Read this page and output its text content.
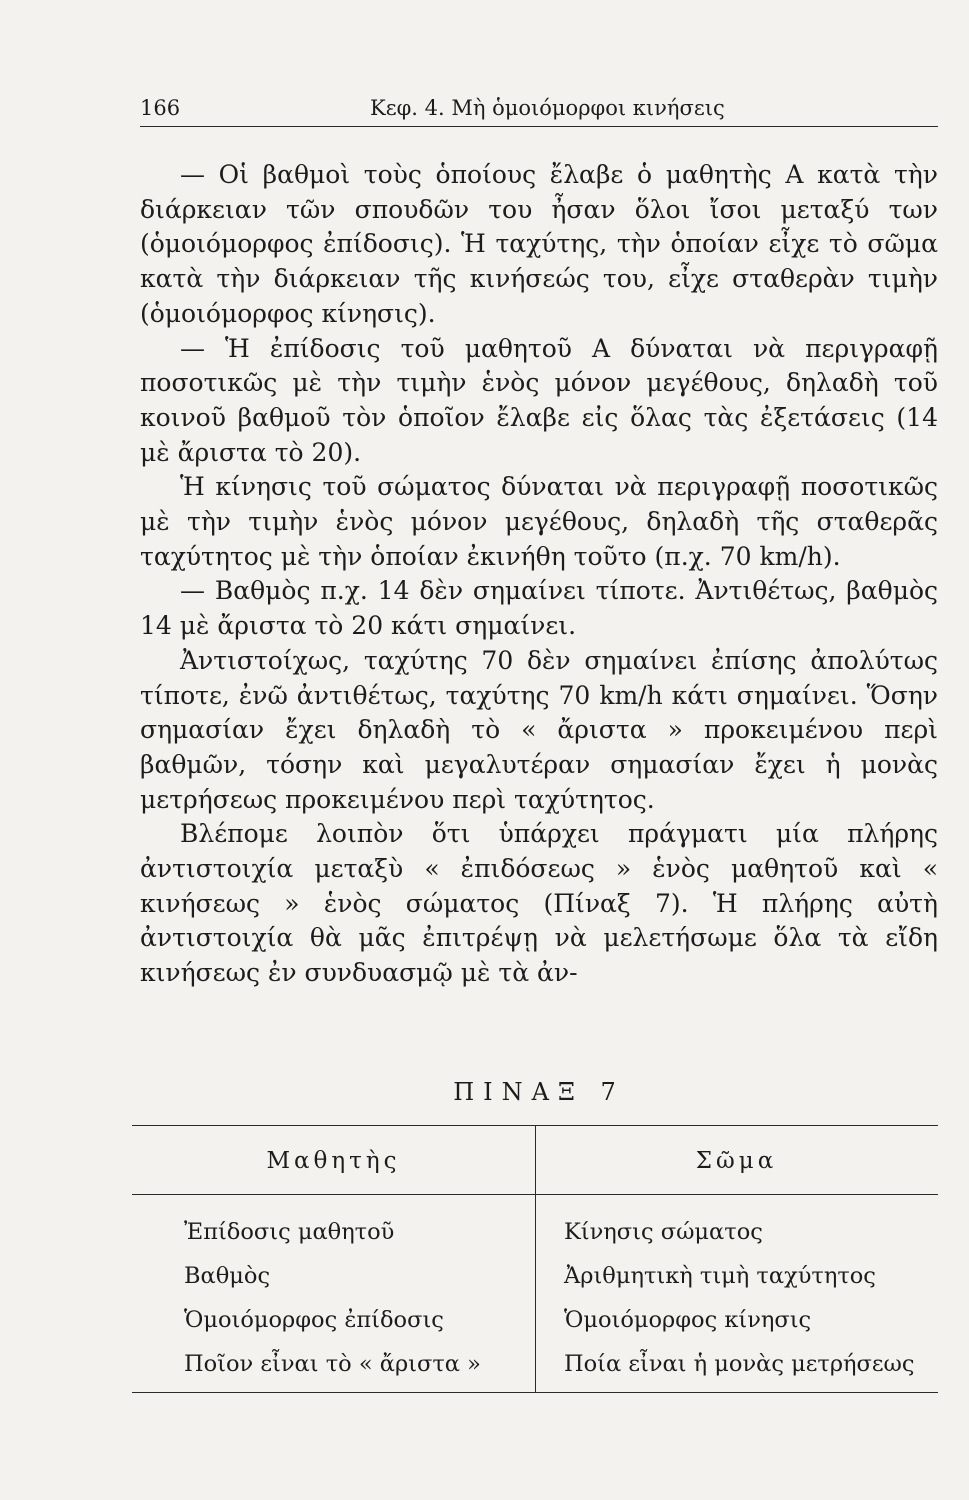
166	Κεφ. 4. Μὴ ὁμοιόμορφοι κινήσεις

— Οἱ βαθμοὶ τοὺς ὁποίους ἔλαβε ὁ μαθητὴς Α κατὰ τὴν διάρκειαν τῶν σπουδῶν του ἦσαν ὅλοι ἴσοι μεταξύ των (ὁμοιόμορφος ἐπίδοσις). Ἡ ταχύτης, τὴν ὁποίαν εἶχε τὸ σῶμα κατὰ τὴν διάρκειαν τῆς κινήσεώς του, εἶχε σταθερὰν τιμὴν (ὁμοιόμορφος κίνησις).

— Ἡ ἐπίδοσις τοῦ μαθητοῦ Α δύναται νὰ περιγραφῇ ποσοτικῶς μὲ τὴν τιμὴν ἑνὸς μόνον μεγέθους, δηλαδὴ τοῦ κοινοῦ βαθμοῦ τὸν ὁποῖον ἔλαβε εἰς ὅλας τὰς ἐξετάσεις (14 μὲ ἄριστα τὸ 20).

Ἡ κίνησις τοῦ σώματος δύναται νὰ περιγραφῇ ποσοτικῶς μὲ τὴν τιμὴν ἑνὸς μόνον μεγέθους, δηλαδὴ τῆς σταθερᾶς ταχύτητος μὲ τὴν ὁποίαν ἐκινήθη τοῦτο (π.χ. 70 km/h).

— Βαθμὸς π.χ. 14 δὲν σημαίνει τίποτε. Ἀντιθέτως, βαθμὸς 14 μὲ ἄριστα τὸ 20 κάτι σημαίνει.

Ἀντιστοίχως, ταχύτης 70 δὲν σημαίνει ἐπίσης ἀπολύτως τίποτε, ἐνῶ ἀντιθέτως, ταχύτης 70 km/h κάτι σημαίνει. Ὅσην σημασίαν ἔχει δηλαδὴ τὸ « ἄριστα » προκειμένου περὶ βαθμῶν, τόσην καὶ μεγαλυτέραν σημασίαν ἔχει ἡ μονὰς μετρήσεως προκειμένου περὶ ταχύτητος.

Βλέπομε λοιπὸν ὅτι ὑπάρχει πράγματι μία πλήρης ἀντιστοιχία μεταξὺ « ἐπιδόσεως » ἑνὸς μαθητοῦ καὶ « κινήσεως » ἑνὸς σώματος (Πίναξ 7). Ἡ πλήρης αὐτὴ ἀντιστοιχία θὰ μᾶς ἐπιτρέψῃ νὰ μελετήσωμε ὅλα τὰ εἴδη κινήσεως ἐν συνδυασμῷ μὲ τὰ ἀν-

ΠΙΝΑΞ 7
Μαθητὴς	Σῶμα
Ἐπίδοσις μαθητοῦ
Βαθμὸς
Ὁμοιόμορφος ἐπίδοσις
Ποῖον εἶναι τὸ « ἄριστα »
Κίνησις σώματος
Ἀριθμητικὴ τιμὴ ταχύτητος
Ὁμοιόμορφος κίνησις
Ποία εἶναι ἡ μονὰς μετρήσεως
